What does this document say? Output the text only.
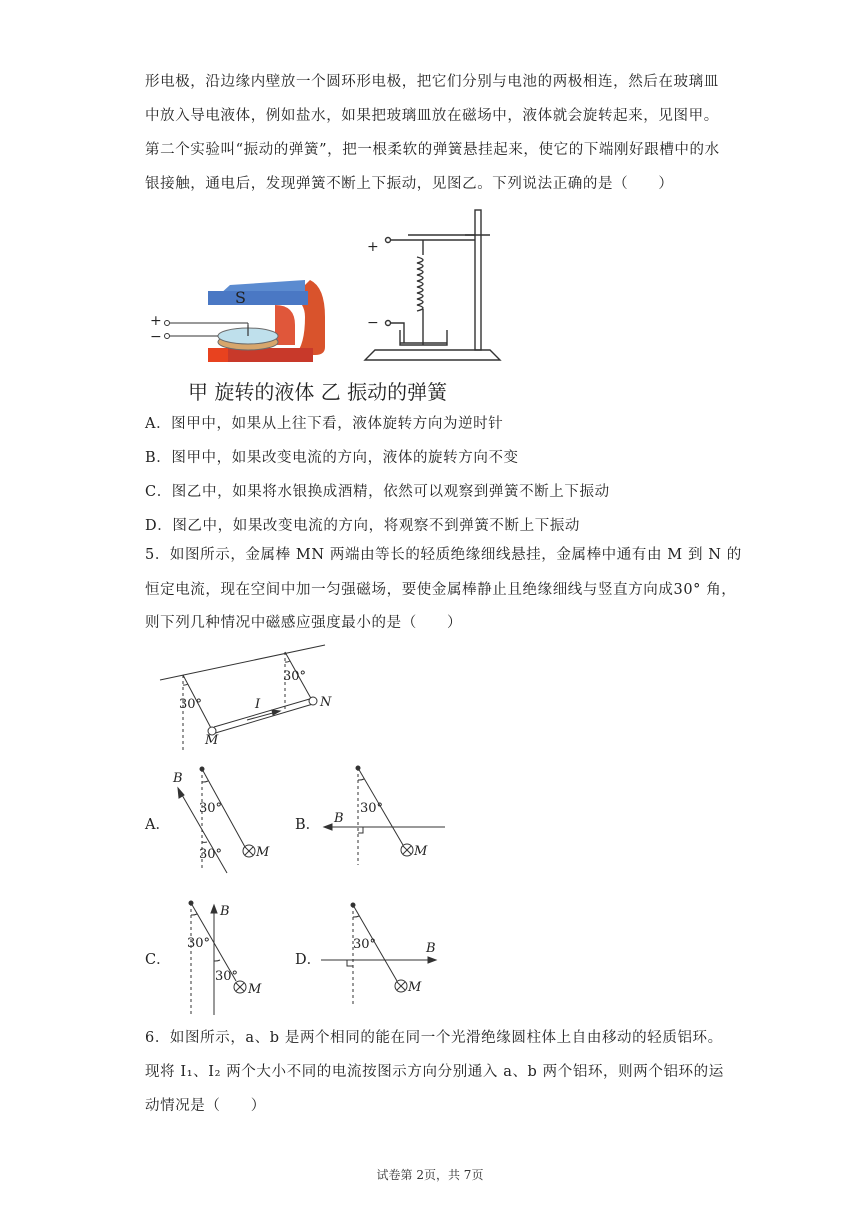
形电极，沿边缘内壁放一个圆环形电极，把它们分别与电池的两极相连，然后在玻璃皿
中放入导电液体，例如盐水，如果把玻璃皿放在磁场中，液体就会旋转起来，见图甲。
第二个实验叫“振动的弹簧”，把一根柔软的弹簧悬挂起来，使它的下端刚好跟槽中的水
银接触，通电后，发现弹簧不断上下振动，见图乙。下列说法正确的是（　　）
S
+
−
+
−
甲 旋转的液体 乙 振动的弹簧
A．图甲中，如果从上往下看，液体旋转方向为逆时针
B．图甲中，如果改变电流的方向，液体的旋转方向不变
C．图乙中，如果将水银换成酒精，依然可以观察到弹簧不断上下振动
D．图乙中，如果改变电流的方向，将观察不到弹簧不断上下振动
5．如图所示，金属棒 MN 两端由等长的轻质绝缘细线悬挂，金属棒中通有由 M 到 N 的
恒定电流，现在空间中加一匀强磁场，要使金属棒静止且绝缘细线与竖直方向成30° 角，
则下列几种情况中磁感应强度最小的是（　　）
30°
30°
I
M
N
A．
B
30°
30°	M
B． B
30°
M
C．
B
30°
30°
M
D．
B
30°
M
6．如图所示，a、b 是两个相同的能在同一个光滑绝缘圆柱体上自由移动的轻质铝环。
现将 I₁、I₂ 两个大小不同的电流按图示方向分别通入 a、b 两个铝环，则两个铝环的运
动情况是（　　）
试卷第 2页，共 7页
